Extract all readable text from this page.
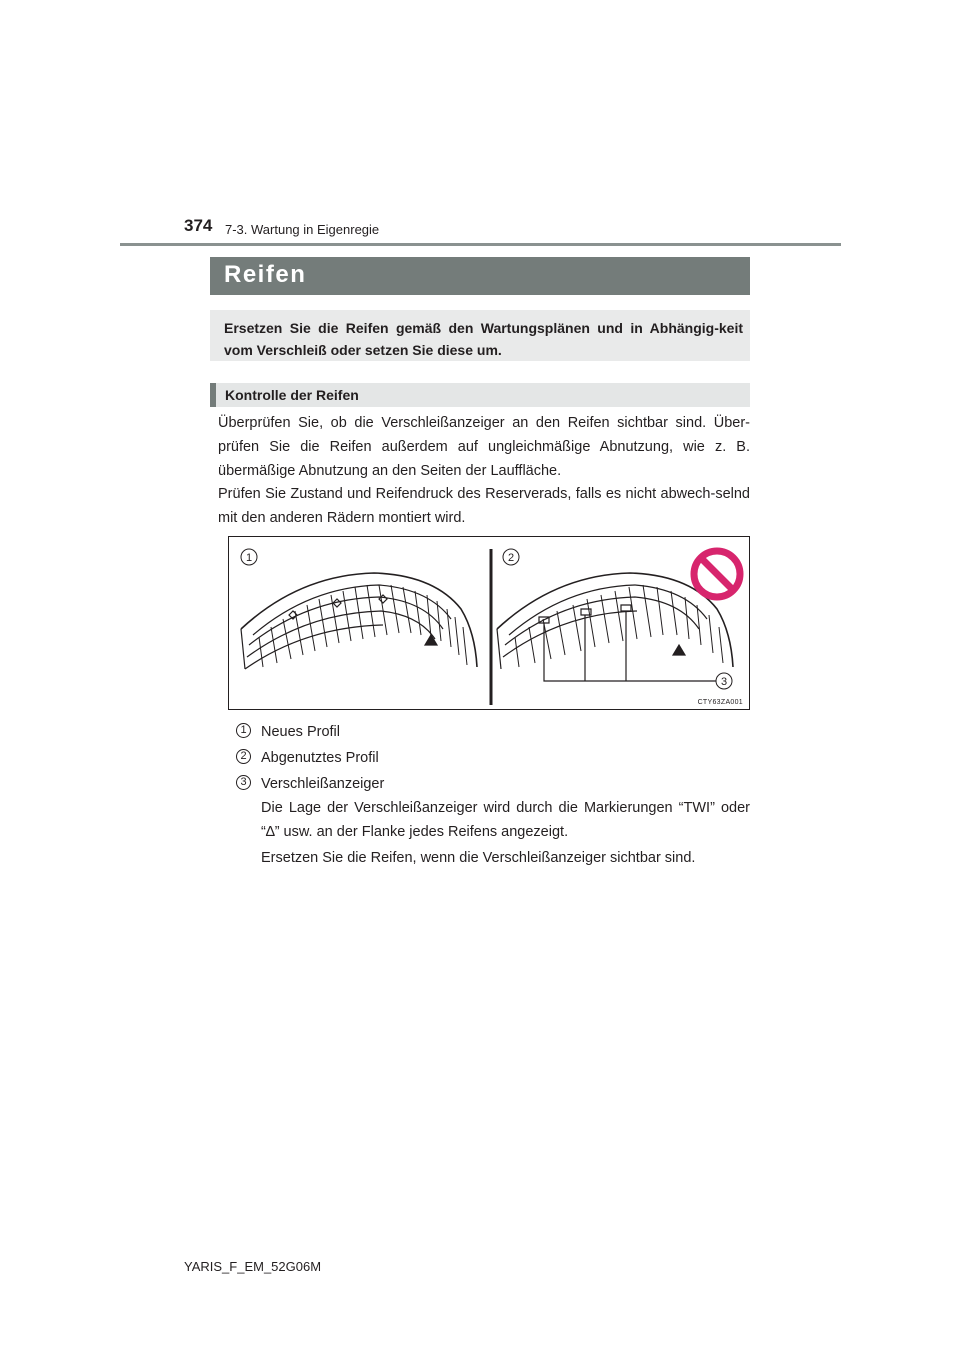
374 7-3. Wartung in Eigenregie
Reifen
Ersetzen Sie die Reifen gemäß den Wartungsplänen und in Abhängig-keit vom Verschleiß oder setzen Sie diese um.
Kontrolle der Reifen
Überprüfen Sie, ob die Verschleißanzeiger an den Reifen sichtbar sind. Über-prüfen Sie die Reifen außerdem auf ungleichmäßige Abnutzung, wie z. B. übermäßige Abnutzung an den Seiten der Lauffläche.
Prüfen Sie Zustand und Reifendruck des Reserverads, falls es nicht abwech-selnd mit den anderen Rädern montiert wird.
1	2
3
CTY63ZA001
1 Neues Profil
2 Abgenutztes Profil
3 Verschleißanzeiger
Die Lage der Verschleißanzeiger wird durch die Markierungen “TWI” oder “∆” usw. an der Flanke jedes Reifens angezeigt.
Ersetzen Sie die Reifen, wenn die Verschleißanzeiger sichtbar sind.
YARIS_F_EM_52G06M
